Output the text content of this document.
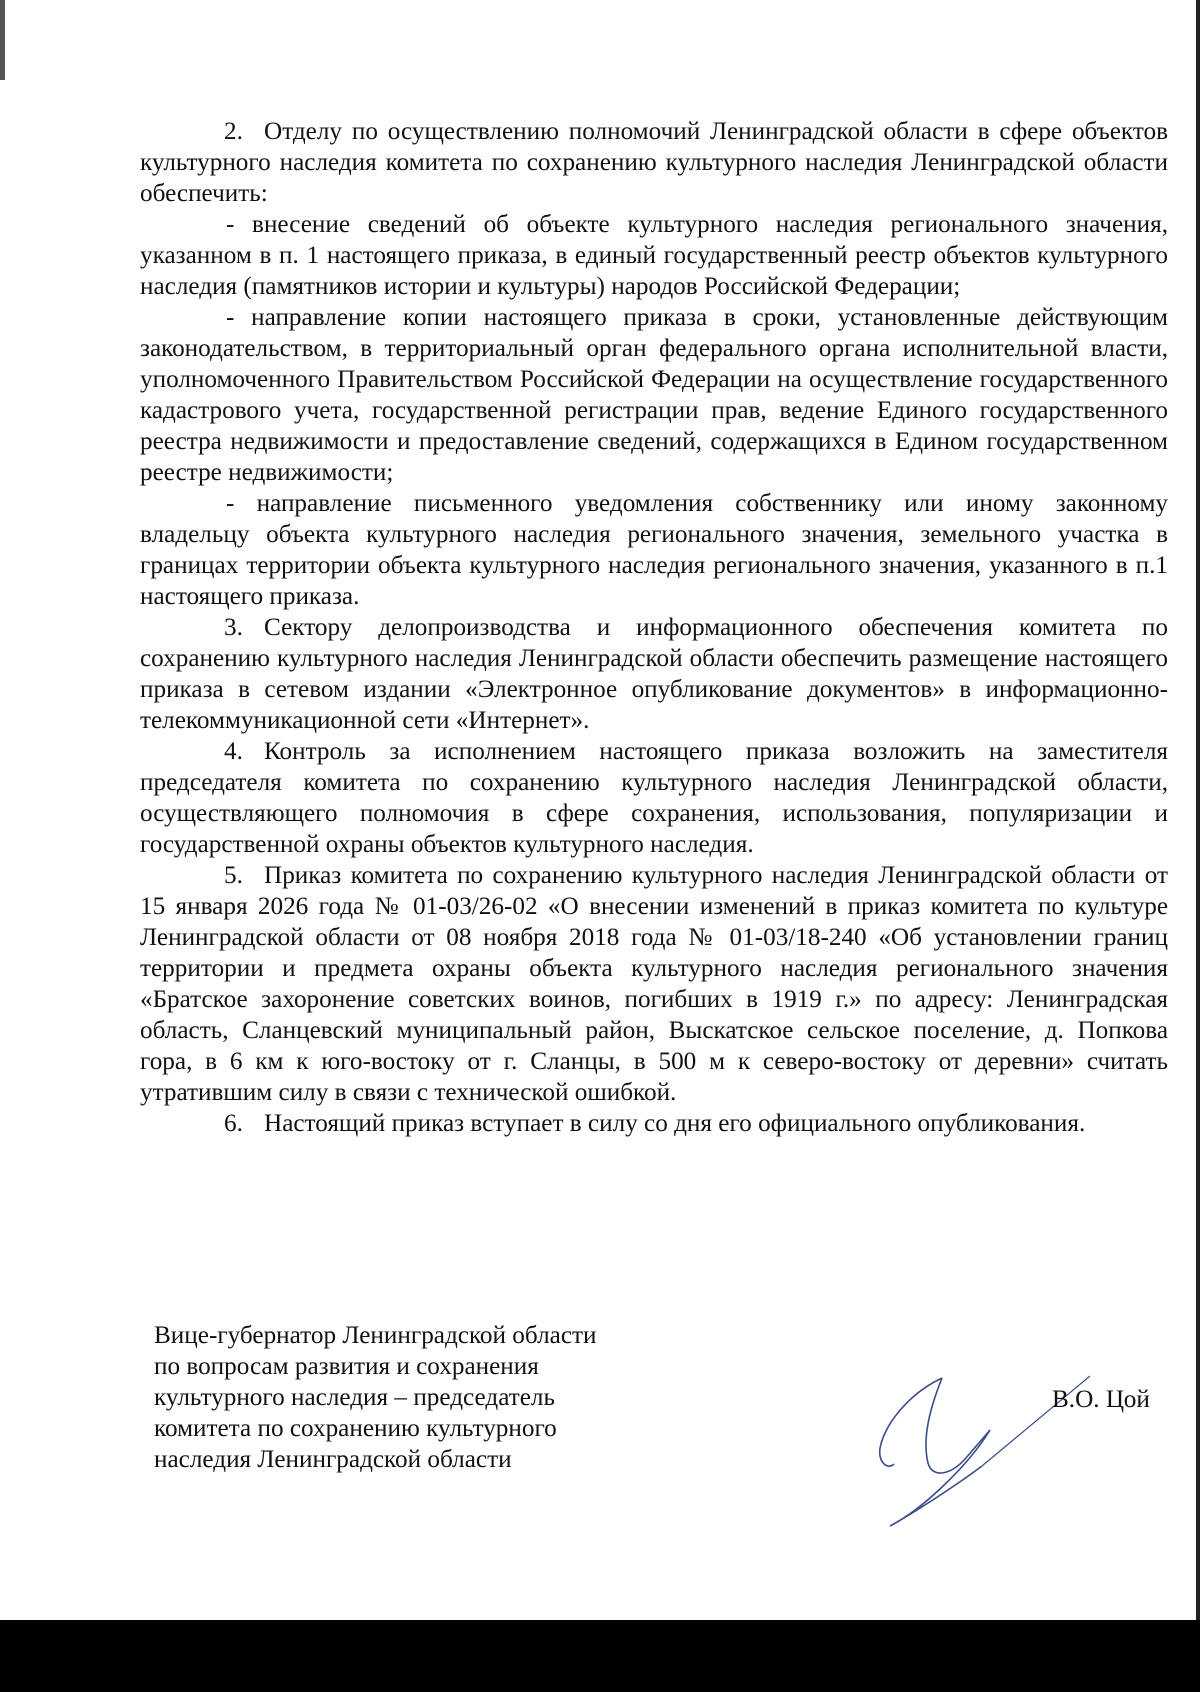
2. Отделу по осуществлению полномочий Ленинградской области в сфере объектов культурного наследия комитета по сохранению культурного наследия Ленинградской области обеспечить:

- внесение сведений об объекте культурного наследия регионального значения, указанном в п. 1 настоящего приказа, в единый государственный реестр объектов культурного наследия (памятников истории и культуры) народов Российской Федерации;

- направление копии настоящего приказа в сроки, установленные действующим законодательством, в территориальный орган федерального органа исполнительной власти, уполномоченного Правительством Российской Федерации на осуществление государственного кадастрового учета, государственной регистрации прав, ведение Единого государственного реестра недвижимости и предоставление сведений, содержащихся в Едином государственном реестре недвижимости;

- направление письменного уведомления собственнику или иному законному владельцу объекта культурного наследия регионального значения, земельного участка в границах территории объекта культурного наследия регионального значения, указанного в п.1 настоящего приказа.

3. Сектору делопроизводства и информационного обеспечения комитета по сохранению культурного наследия Ленинградской области обеспечить размещение настоящего приказа в сетевом издании «Электронное опубликование документов» в информационно-телекоммуникационной сети «Интернет».

4. Контроль за исполнением настоящего приказа возложить на заместителя председателя комитета по сохранению культурного наследия Ленинградской области, осуществляющего полномочия в сфере сохранения, использования, популяризации и государственной охраны объектов культурного наследия.

5. Приказ комитета по сохранению культурного наследия Ленинградской области от 15 января 2026 года № 01-03/26-02 «О внесении изменений в приказ комитета по культуре Ленинградской области от 08 ноября 2018 года № 01-03/18-240 «Об установлении границ территории и предмета охраны объекта культурного наследия регионального значения «Братское захоронение советских воинов, погибших в 1919 г.» по адресу: Ленинградская область, Сланцевский муниципальный район, Выскатское сельское поселение, д. Попкова гора, в 6 км к юго-востоку от г. Сланцы, в 500 м к северо-востоку от деревни» считать утратившим силу в связи с технической ошибкой.

6. Настоящий приказ вступает в силу со дня его официального опубликования.

Вице-губернатор Ленинградской области
по вопросам развития и сохранения
культурного наследия – председатель
комитета по сохранению культурного
наследия Ленинградской области
В.О. Цой
